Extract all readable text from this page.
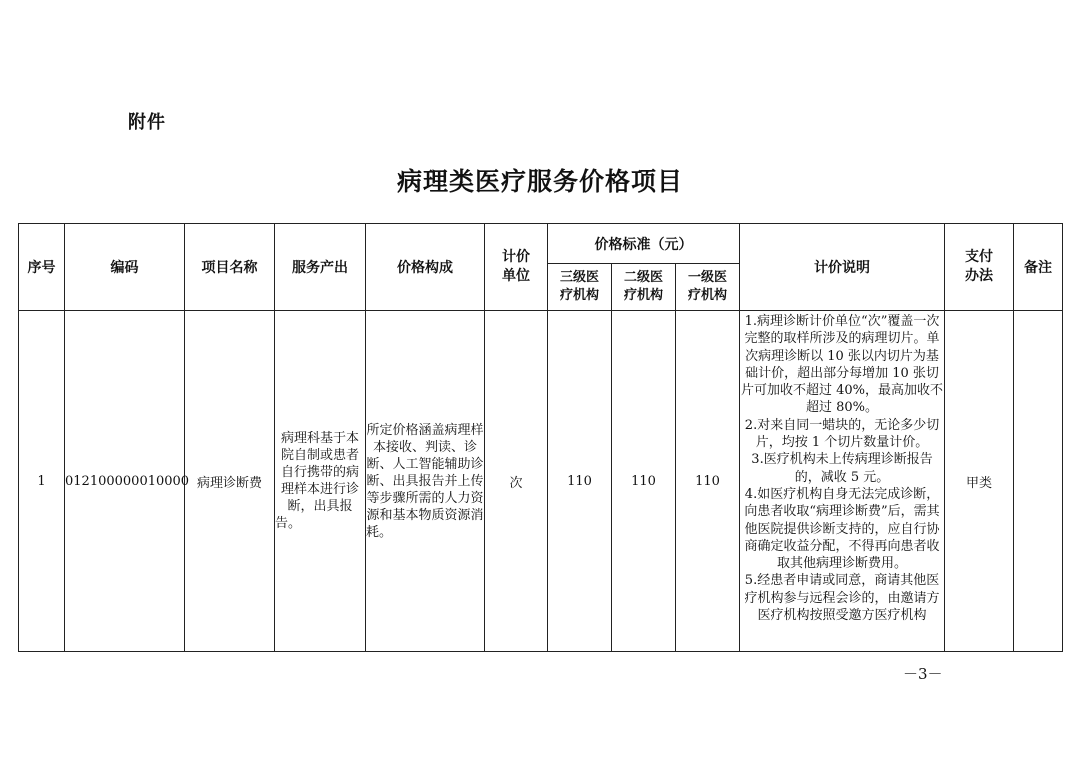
附件
病理类医疗服务价格项目
序号	编码	项目名称	服务产出	价格构成	计价单位	价格标准（元）			计价说明	支付办法	备注
						三级医疗机构	二级医疗机构	一级医疗机构			
1	012100000010000	病理诊断费	病理科基于本院自制或患者自行携带的病理样本进行诊断，出具报告。	所定价格涵盖病理样本接收、判读、诊断、人工智能辅助诊断、出具报告并上传等步骤所需的人力资源和基本物质资源消耗。	次	110	110	110	1.病理诊断计价单位“次”覆盖一次完整的取样所涉及的病理切片。单次病理诊断以 10 张以内切片为基础计价，超出部分每增加 10 张切片可加收不超过 40%，最高加收不超过 80%。

2.对来自同一蜡块的，无论多少切片，均按 1 个切片数量计价。

3.医疗机构未上传病理诊断报告的，减收 5 元。

4.如医疗机构自身无法完成诊断，向患者收取“病理诊断费”后，需其他医院提供诊断支持的，应自行协商确定收益分配，不得再向患者收取其他病理诊断费用。

5.经患者申请或同意，商请其他医疗机构参与远程会诊的，由邀请方医疗机构按照受邀方医疗机构	甲类	
－3－
